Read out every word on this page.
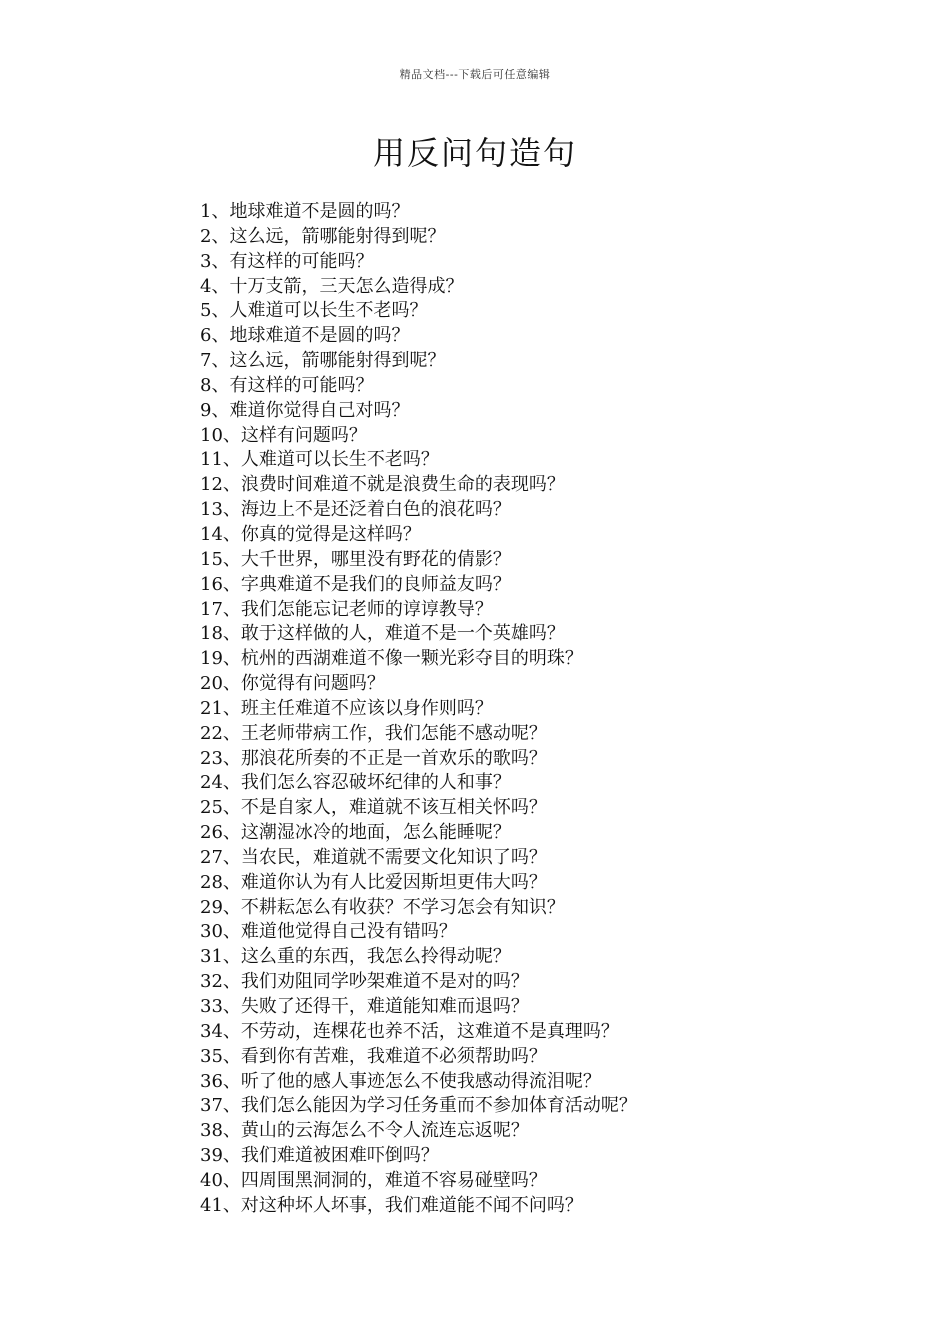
精品文档---下载后可任意编辑
用反问句造句
1、地球难道不是圆的吗？
2、这么远，箭哪能射得到呢？
3、有这样的可能吗？
4、十万支箭，三天怎么造得成？
5、人难道可以长生不老吗？
6、地球难道不是圆的吗？
7、这么远，箭哪能射得到呢？
8、有这样的可能吗？
9、难道你觉得自己对吗？
10、这样有问题吗？
11、人难道可以长生不老吗？
12、浪费时间难道不就是浪费生命的表现吗？
13、海边上不是还泛着白色的浪花吗？
14、你真的觉得是这样吗？
15、大千世界，哪里没有野花的倩影？
16、字典难道不是我们的良师益友吗？
17、我们怎能忘记老师的谆谆教导？
18、敢于这样做的人，难道不是一个英雄吗？
19、杭州的西湖难道不像一颗光彩夺目的明珠？
20、你觉得有问题吗？
21、班主任难道不应该以身作则吗？
22、王老师带病工作，我们怎能不感动呢？
23、那浪花所奏的不正是一首欢乐的歌吗？
24、我们怎么容忍破坏纪律的人和事？
25、不是自家人，难道就不该互相关怀吗？
26、这潮湿冰冷的地面，怎么能睡呢？
27、当农民，难道就不需要文化知识了吗？
28、难道你认为有人比爱因斯坦更伟大吗？
29、不耕耘怎么有收获？不学习怎会有知识？
30、难道他觉得自己没有错吗？
31、这么重的东西，我怎么拎得动呢？
32、我们劝阻同学吵架难道不是对的吗？
33、失败了还得干，难道能知难而退吗？
34、不劳动，连棵花也养不活，这难道不是真理吗？
35、看到你有苦难，我难道不必须帮助吗？
36、听了他的感人事迹怎么不使我感动得流泪呢？
37、我们怎么能因为学习任务重而不参加体育活动呢？
38、黄山的云海怎么不令人流连忘返呢？
39、我们难道被困难吓倒吗？
40、四周围黑洞洞的，难道不容易碰壁吗？
41、对这种坏人坏事，我们难道能不闻不问吗？
